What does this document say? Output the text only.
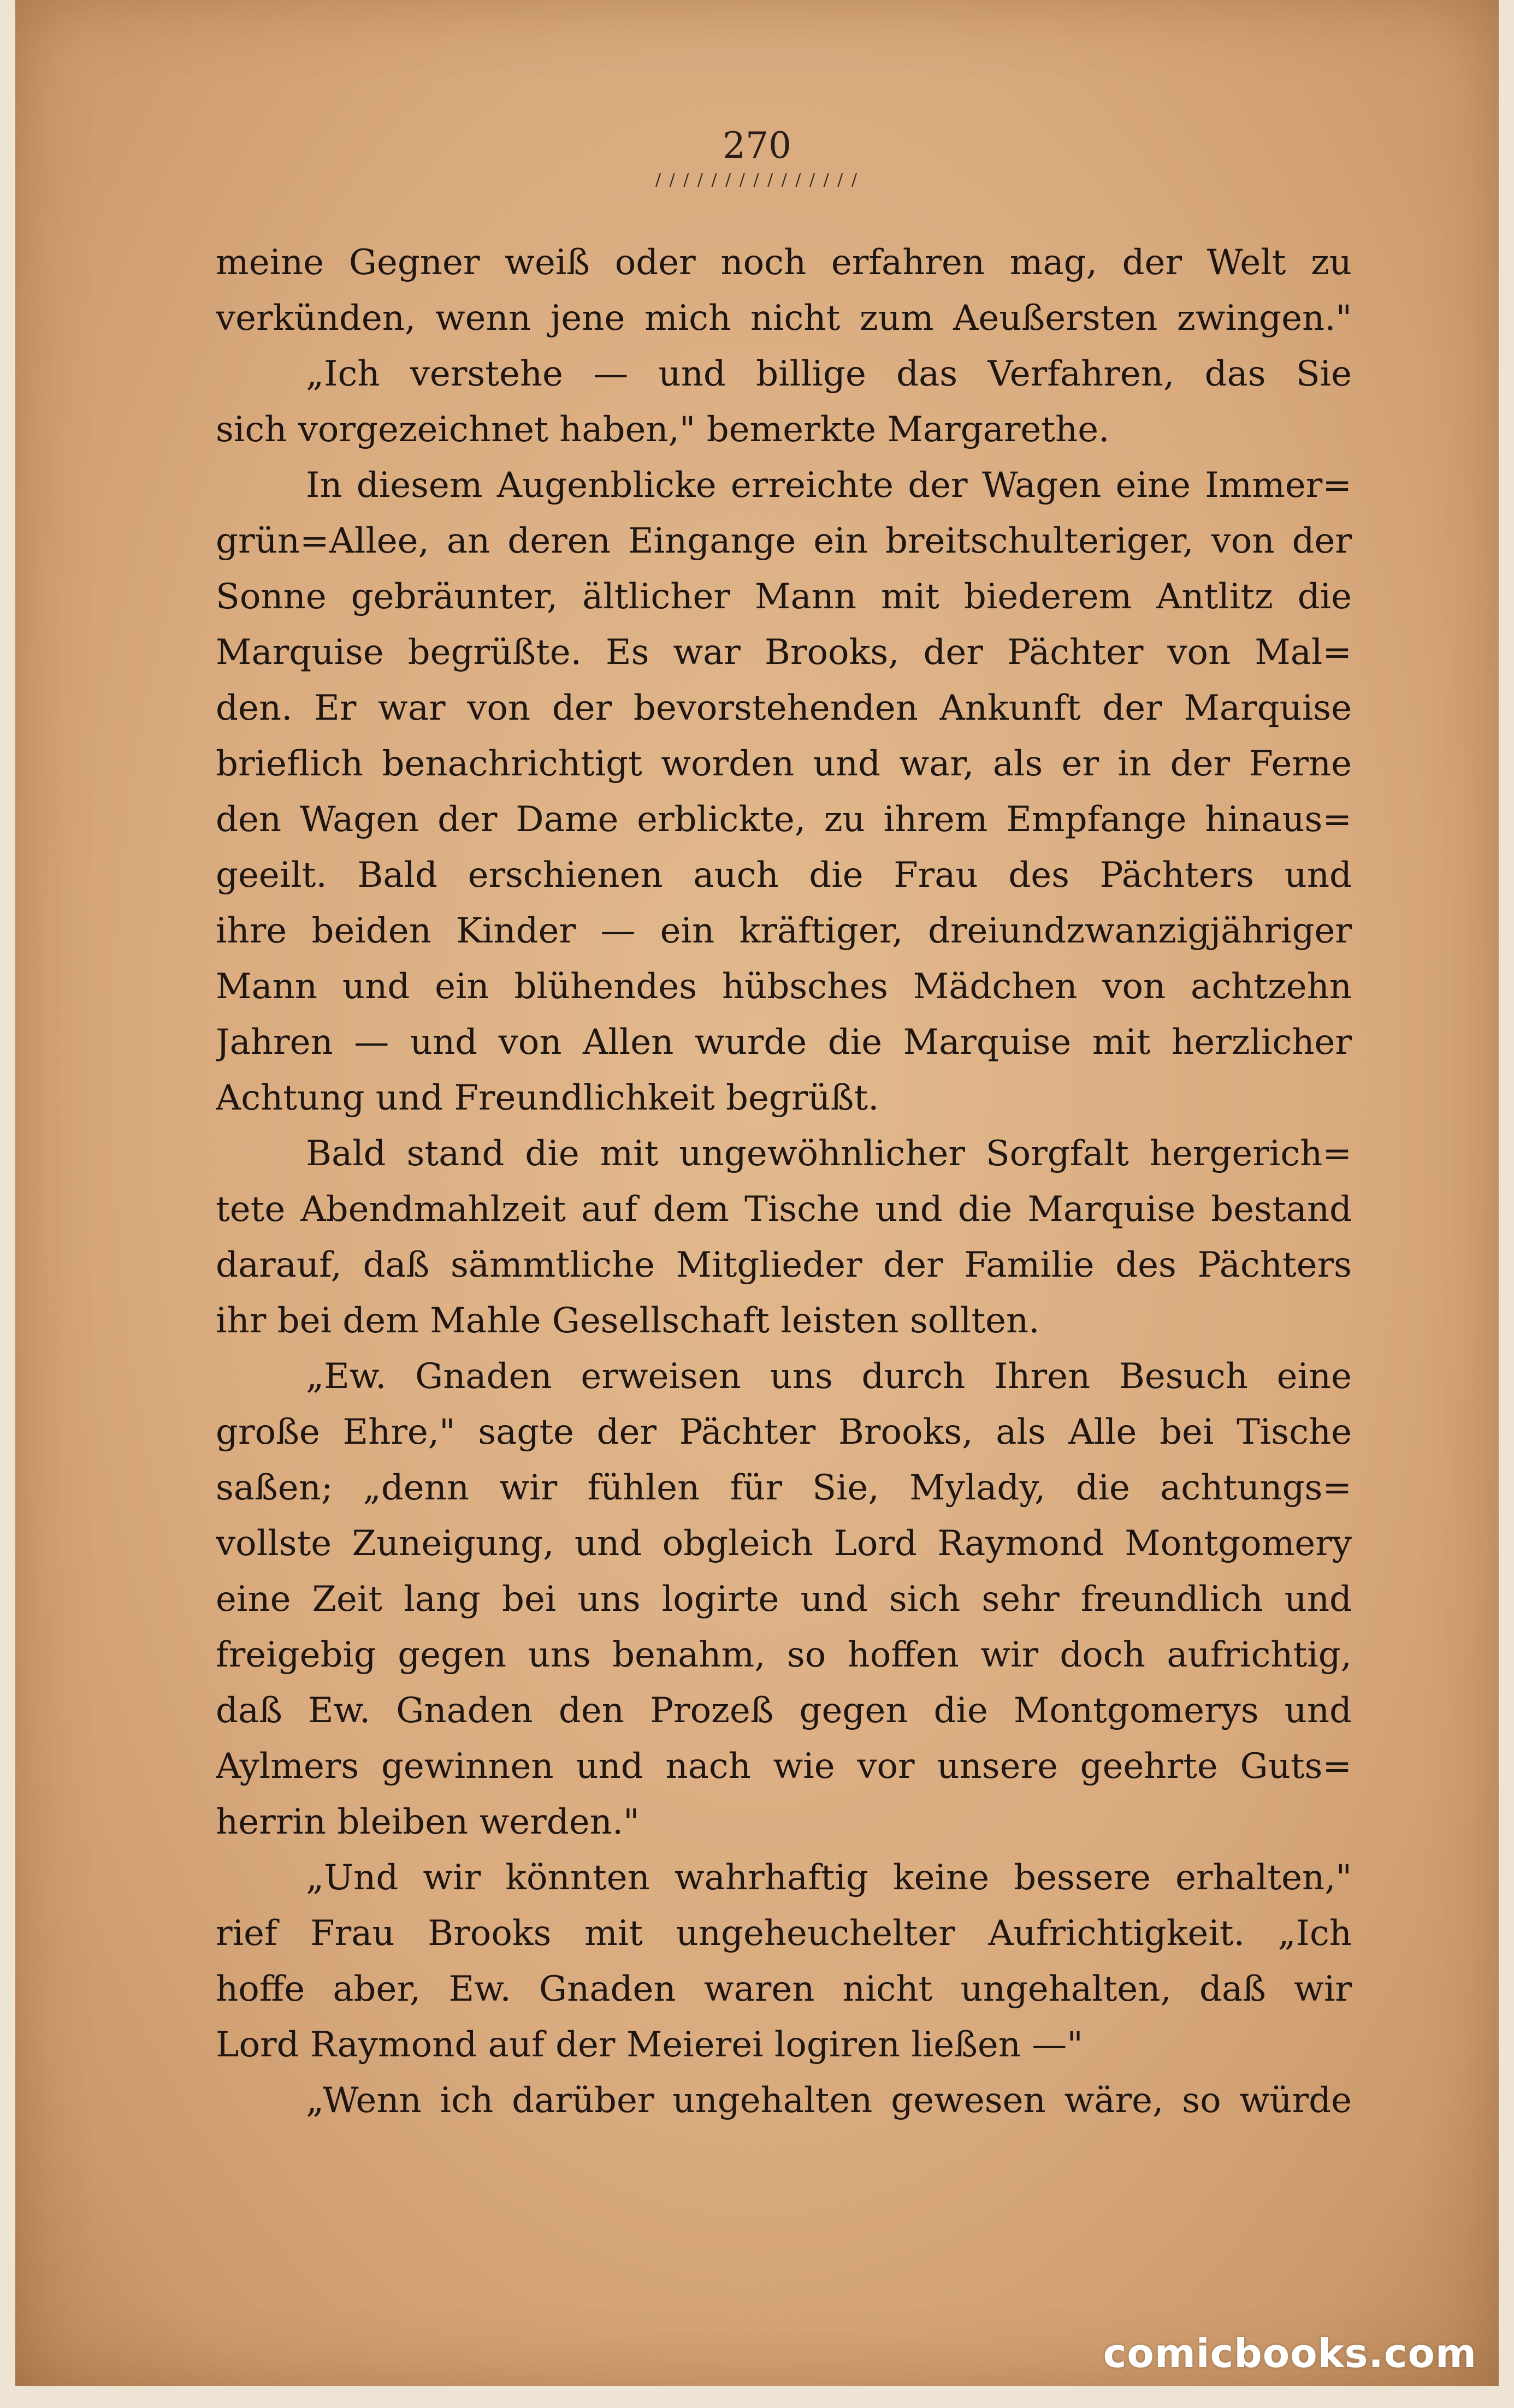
270
/ / / / / / / / / / / / / / /
meine Gegner weiß oder noch erfahren mag, der Welt zu
verkünden, wenn jene mich nicht zum Aeußersten zwingen."
„Ich verstehe — und billige das Verfahren, das Sie
sich vorgezeichnet haben," bemerkte Margarethe.
In diesem Augenblicke erreichte der Wagen eine Immer=
grün=Allee, an deren Eingange ein breitschulteriger, von der
Sonne gebräunter, ältlicher Mann mit biederem Antlitz die
Marquise begrüßte. Es war Brooks, der Pächter von Mal=
den. Er war von der bevorstehenden Ankunft der Marquise
brieflich benachrichtigt worden und war, als er in der Ferne
den Wagen der Dame erblickte, zu ihrem Empfange hinaus=
geeilt. Bald erschienen auch die Frau des Pächters und
ihre beiden Kinder — ein kräftiger, dreiundzwanzigjähriger
Mann und ein blühendes hübsches Mädchen von achtzehn
Jahren — und von Allen wurde die Marquise mit herzlicher
Achtung und Freundlichkeit begrüßt.
Bald stand die mit ungewöhnlicher Sorgfalt hergerich=
tete Abendmahlzeit auf dem Tische und die Marquise bestand
darauf, daß sämmtliche Mitglieder der Familie des Pächters
ihr bei dem Mahle Gesellschaft leisten sollten.
„Ew. Gnaden erweisen uns durch Ihren Besuch eine
große Ehre," sagte der Pächter Brooks, als Alle bei Tische
saßen; „denn wir fühlen für Sie, Mylady, die achtungs=
vollste Zuneigung, und obgleich Lord Raymond Montgomery
eine Zeit lang bei uns logirte und sich sehr freundlich und
freigebig gegen uns benahm, so hoffen wir doch aufrichtig,
daß Ew. Gnaden den Prozeß gegen die Montgomerys und
Aylmers gewinnen und nach wie vor unsere geehrte Guts=
herrin bleiben werden."
„Und wir könnten wahrhaftig keine bessere erhalten,"
rief Frau Brooks mit ungeheuchelter Aufrichtigkeit. „Ich
hoffe aber, Ew. Gnaden waren nicht ungehalten, daß wir
Lord Raymond auf der Meierei logiren ließen —"
„Wenn ich darüber ungehalten gewesen wäre, so würde
comicbooks.com
